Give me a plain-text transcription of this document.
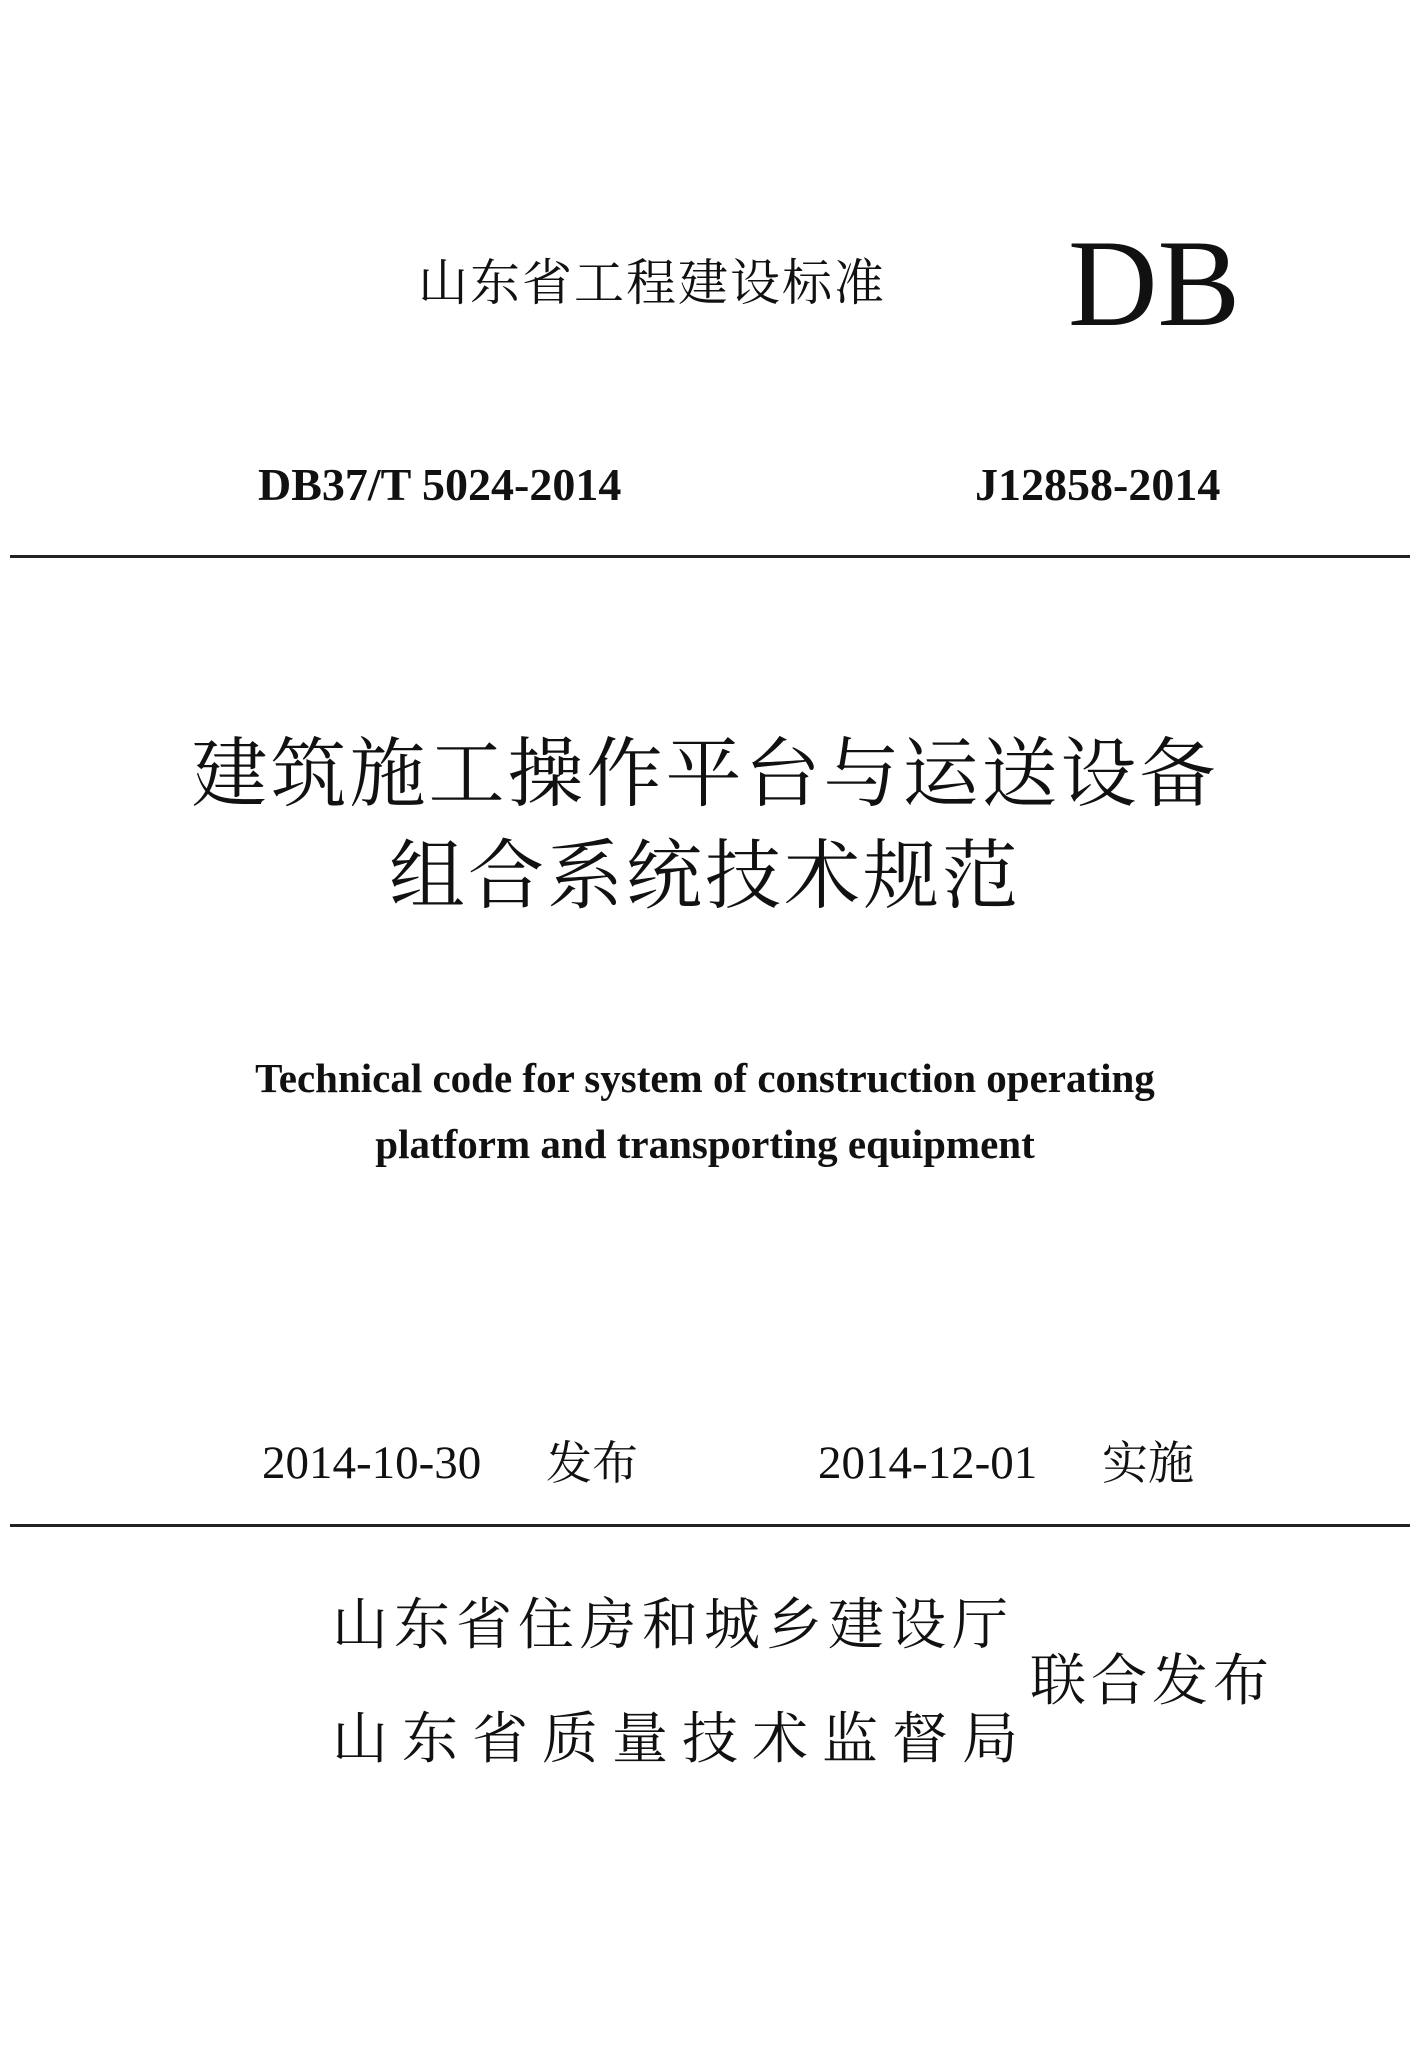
山东省工程建设标准 DB
DB37/T 5024-2014	J12858-2014
建筑施工操作平台与运送设备
组合系统技术规范
Technical code for system of construction operating
platform and transporting equipment
2014-10-30 发布	2014-12-01 实施
山东省住房和城乡建设厅
山东省质量技术监督局
联合发布
